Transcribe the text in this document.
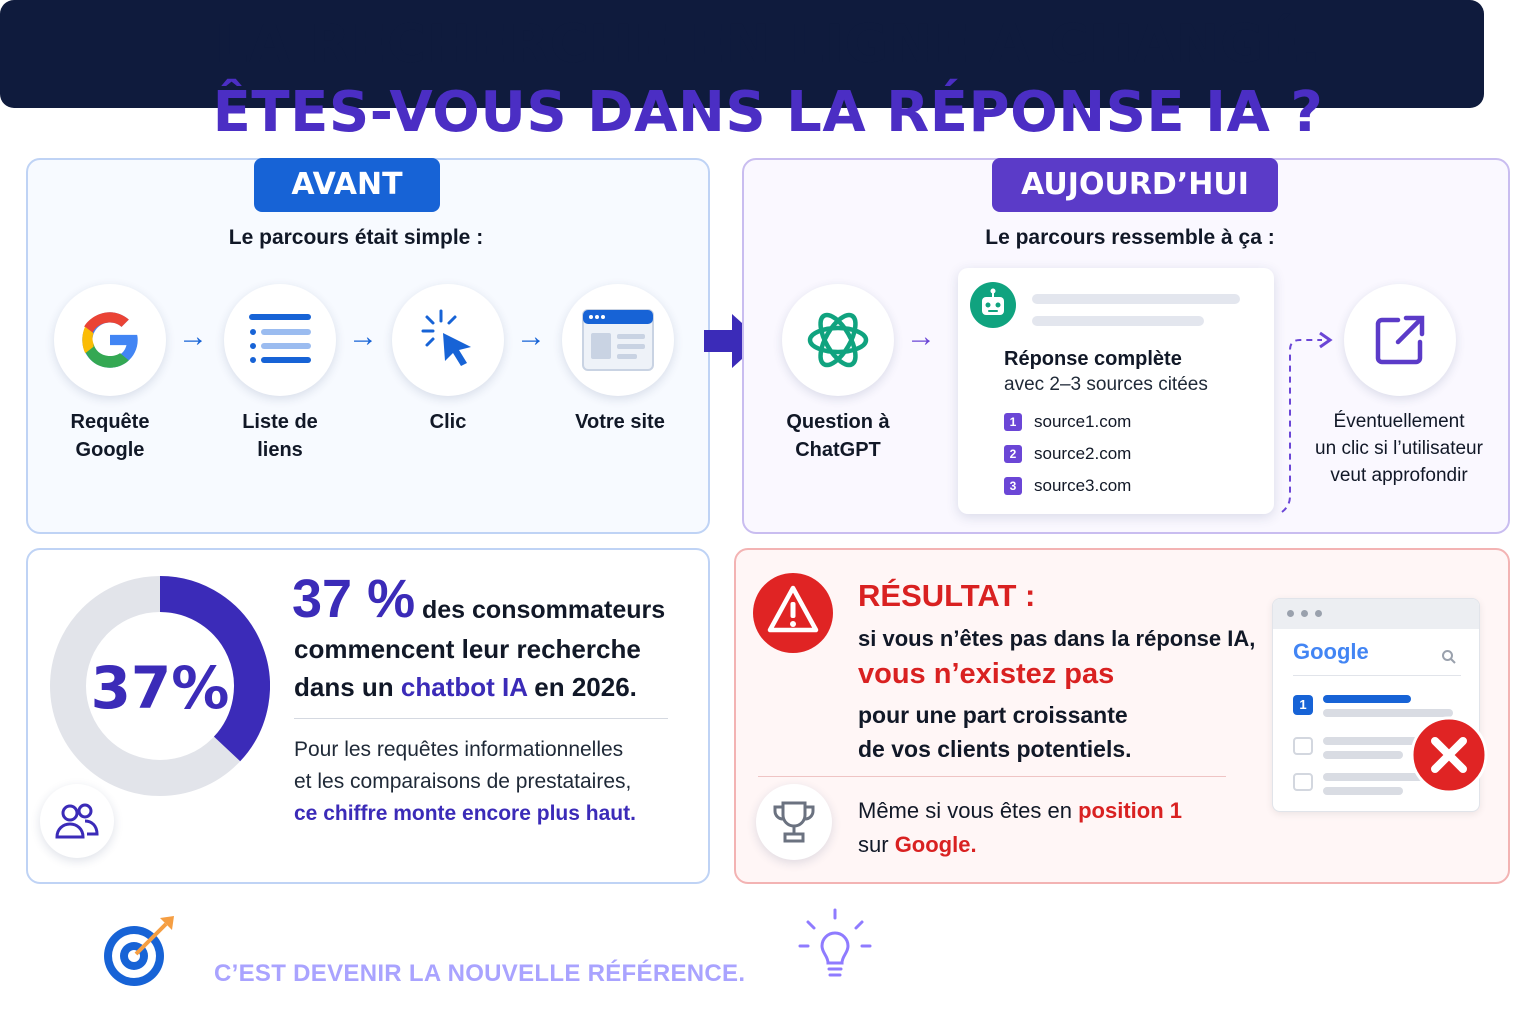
LA RECHERCHE EN LIGNE A CHANGÉ.
ÊTES-VOUS DANS LA RÉPONSE IA ?
AVANT
Le parcours était simple :
Requête
Google
→
Liste de
liens
→
Clic
→
Votre site
AUJOURD’HUI
Le parcours ressemble à ça :
Question à
ChatGPT
→
Réponse complète
avec 2–3 sources citées
1	source1.com
2	source2.com
3	source3.com
Éventuellement
un clic si l’utilisateur
veut approfondir
37%
37 % des consommateurs
commencent leur recherche
dans un chatbot IA en 2026.
Pour les requêtes informationnelles
et les comparaisons de prestataires,
ce chiffre monte encore plus haut.
RÉSULTAT :
si vous n’êtes pas dans la réponse IA,
vous n’existez pas
pour une part croissante
de vos clients potentiels.
Même si vous êtes en position 1
sur Google.
Google
1
ÊTRE VISIBLE DANS LES RÉPONSES IA,
C’EST DEVENIR LA NOUVELLE RÉFÉRENCE.
Adaptez votre stratégie de contenu dès maintenant
pour rester visible demain.
